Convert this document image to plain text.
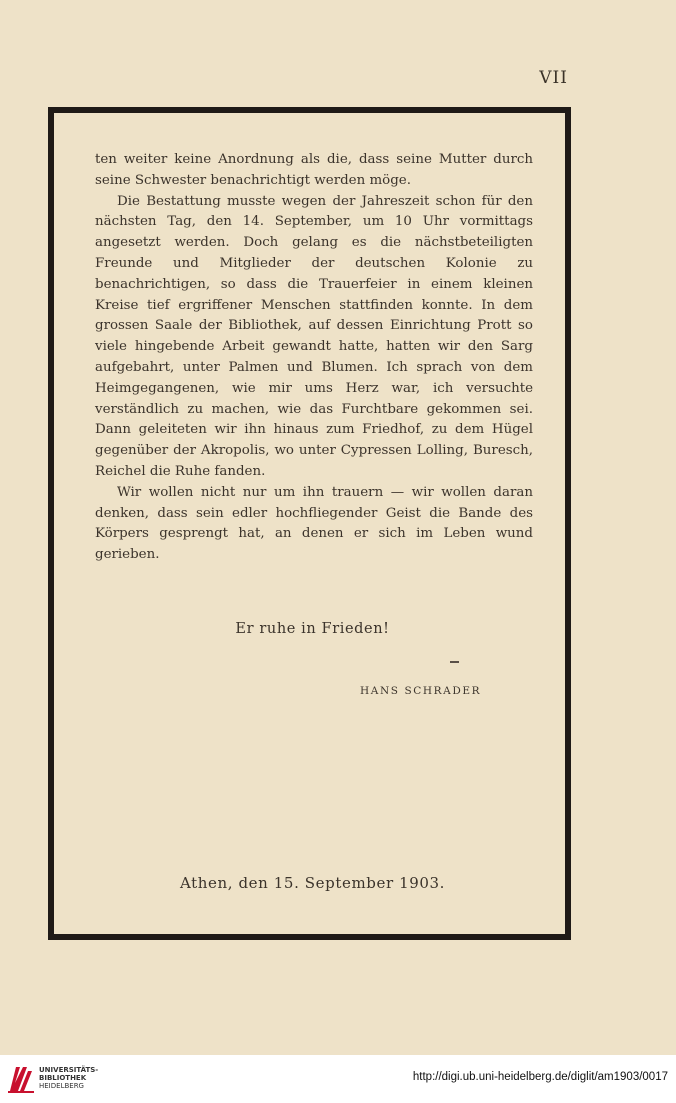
VII

ten weiter keine Anordnung als die, dass seine Mutter durch seine Schwester benachrichtigt werden möge.

Die Bestattung musste wegen der Jahreszeit schon für den nächsten Tag, den 14. September, um 10 Uhr vormittags angesetzt werden. Doch gelang es die nächstbeteiligten Freunde und Mitglieder der deutschen Kolonie zu benachrichtigen, so dass die Trauerfeier in einem kleinen Kreise tief ergriffener Menschen stattfinden konnte. In dem grossen Saale der Bibliothek, auf dessen Einrichtung Prott so viele hingebende Arbeit gewandt hatte, hatten wir den Sarg aufgebahrt, unter Palmen und Blumen. Ich sprach von dem Heimgegangenen, wie mir ums Herz war, ich versuchte verständlich zu machen, wie das Furchtbare gekommen sei. Dann geleiteten wir ihn hinaus zum Friedhof, zu dem Hügel gegenüber der Akropolis, wo unter Cypressen Lolling, Buresch, Reichel die Ruhe fanden.

Wir wollen nicht nur um ihn trauern — wir wollen daran denken, dass sein edler hochfliegender Geist die Bande des Körpers gesprengt hat, an denen er sich im Leben wund gerieben.

Er ruhe in Frieden!
HANS SCHRADER
Athen, den 15. September 1903.
UNIVERSITÄTS-
BIBLIOTHEK
HEIDELBERG
http://digi.ub.uni-heidelberg.de/diglit/am1903/0017
